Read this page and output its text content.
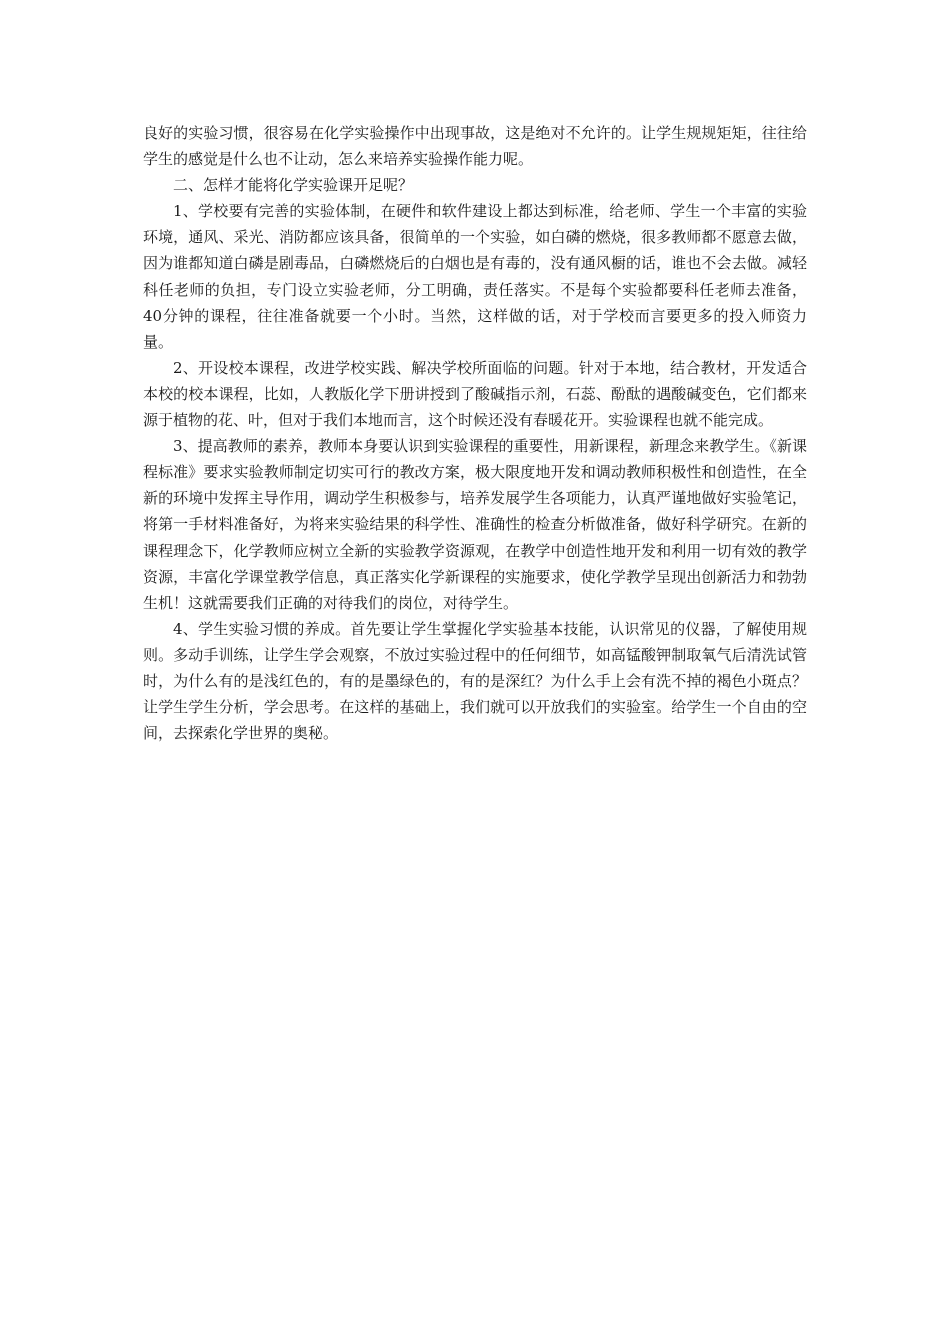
良好的实验习惯，很容易在化学实验操作中出现事故，这是绝对不允许的。让学生规规矩矩，往往给学生的感觉是什么也不让动，怎么来培养实验操作能力呢。

二、怎样才能将化学实验课开足呢？

1、学校要有完善的实验体制，在硬件和软件建设上都达到标准，给老师、学生一个丰富的实验环境，通风、采光、消防都应该具备，很简单的一个实验，如白磷的燃烧，很多教师都不愿意去做，因为谁都知道白磷是剧毒品，白磷燃烧后的白烟也是有毒的，没有通风橱的话，谁也不会去做。减轻科任老师的负担，专门设立实验老师，分工明确，责任落实。不是每个实验都要科任老师去准备，40分钟的课程，往往准备就要一个小时。当然，这样做的话，对于学校而言要更多的投入师资力量。

2、开设校本课程，改进学校实践、解决学校所面临的问题。针对于本地，结合教材，开发适合本校的校本课程，比如，人教版化学下册讲授到了酸碱指示剂，石蕊、酚酞的遇酸碱变色，它们都来源于植物的花、叶，但对于我们本地而言，这个时候还没有春暖花开。实验课程也就不能完成。

3、提高教师的素养，教师本身要认识到实验课程的重要性，用新课程，新理念来教学生。《新课程标准》要求实验教师制定切实可行的教改方案，极大限度地开发和调动教师积极性和创造性，在全新的环境中发挥主导作用，调动学生积极参与，培养发展学生各项能力，认真严谨地做好实验笔记，将第一手材料准备好，为将来实验结果的科学性、准确性的检查分析做准备，做好科学研究。在新的课程理念下，化学教师应树立全新的实验教学资源观，在教学中创造性地开发和利用一切有效的教学资源，丰富化学课堂教学信息，真正落实化学新课程的实施要求，使化学教学呈现出创新活力和勃勃生机！这就需要我们正确的对待我们的岗位，对待学生。

4、学生实验习惯的养成。首先要让学生掌握化学实验基本技能，认识常见的仪器，了解使用规则。多动手训练，让学生学会观察，不放过实验过程中的任何细节，如高锰酸钾制取氧气后清洗试管时，为什么有的是浅红色的，有的是墨绿色的，有的是深红？为什么手上会有洗不掉的褐色小斑点？让学生学生分析，学会思考。在这样的基础上，我们就可以开放我们的实验室。给学生一个自由的空间，去探索化学世界的奥秘。
